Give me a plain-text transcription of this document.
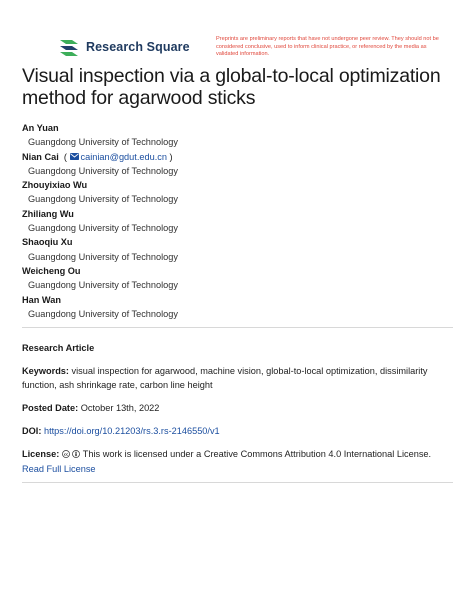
Research Square
Preprints are preliminary reports that have not undergone peer review. They should not be considered conclusive, used to inform clinical practice, or referenced by the media as validated information.
Visual inspection via a global-to-local optimization method for agarwood sticks
An Yuan
Guangdong University of Technology
Nian Cai  ( cainian@gdut.edu.cn )
Guangdong University of Technology
Zhouyixiao Wu
Guangdong University of Technology
Zhiliang Wu
Guangdong University of Technology
Shaoqiu Xu
Guangdong University of Technology
Weicheng Ou
Guangdong University of Technology
Han Wan
Guangdong University of Technology
Research Article
Keywords: visual inspection for agarwood, machine vision, global-to-local optimization, dissimilarity function, ash shrinkage rate, carbon line height
Posted Date: October 13th, 2022
DOI: https://doi.org/10.21203/rs.3.rs-2146550/v1
License: cc This work is licensed under a Creative Commons Attribution 4.0 International License.
Read Full License
